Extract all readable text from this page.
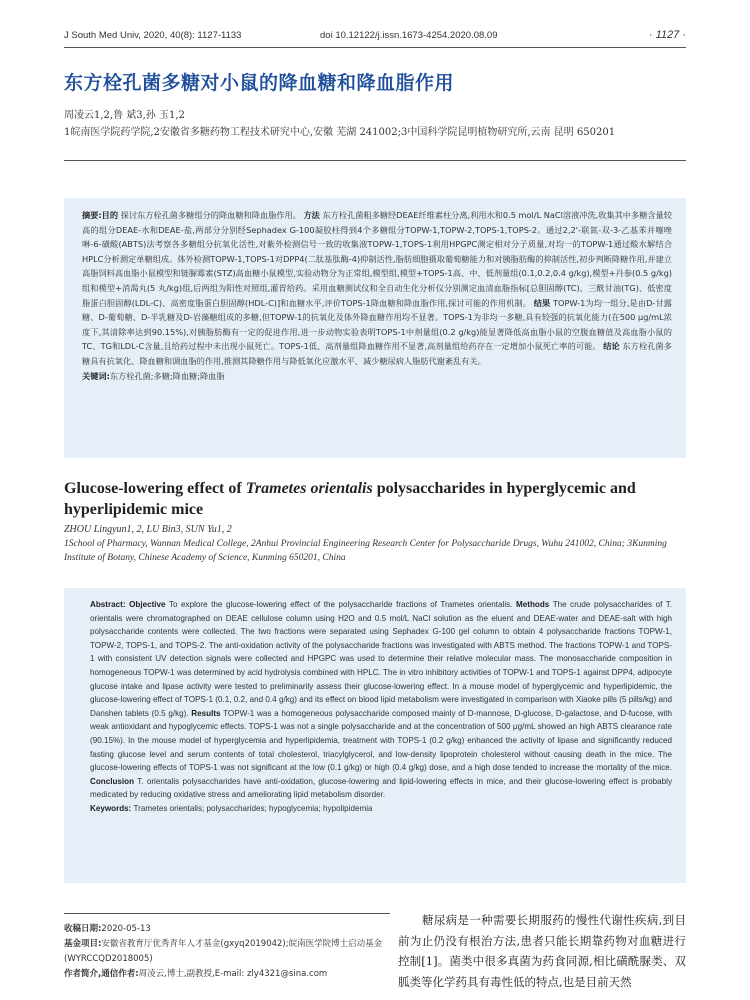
J South Med Univ, 2020, 40(8): 1127-1133	doi 10.12122/j.issn.1673-4254.2020.08.09	· 1127 ·
东方栓孔菌多糖对小鼠的降血糖和降血脂作用
周凌云1,2,鲁 斌3,孙 玉1,2
1皖南医学院药学院,2安徽省多糖药物工程技术研究中心,安徽 芜湖 241002;3中国科学院昆明植物研究所,云南 昆明 650201
摘要:目的 探讨东方栓孔菌多糖组分的降血糖和降血脂作用。 方法 东方栓孔菌粗多糖经DEAE纤维素柱分离,利用水和0.5 mol/L NaCl溶液冲洗,收集其中多糖含量较高的组分DEAE-水和DEAE-盐,两部分分别经Sephadex G-100凝胶柱得到4个多糖组分TOPW-1,TOPW-2,TOPS-1,TOPS-2。通过2,2'-联氮-双-3-乙基苯并噻唑啉-6-磺酸(ABTS)法考察各多糖组分抗氧化活性,对紫外检测信号一致的收集液TOPW-1,TOPS-1利用HPGPC测定相对分子质量,对均一的TOPW-1通过酸水解结合HPLC分析测定单糖组成。体外检测TOPW-1,TOPS-1对DPP4(二肽基肽酶-4)抑制活性,脂肪细胞摄取葡萄糖能力和对胰脂肪酶的抑制活性,初步判断降糖作用,并建立高脂饲料高血脂小鼠模型和链脲霉素(STZ)高血糖小鼠模型,实验动物分为正常组,模型组,模型+TOPS-1高、中、低剂量组(0.1,0.2,0.4 g/kg),模型+丹参(0.5 g/kg)组和模型+消渴丸(5 丸/kg)组,后两组为阳性对照组,灌胃给药。采用血糖测试仪和全自动生化分析仪分别测定血清血脂指标[总胆固醇(TC)、三酰甘油(TG)、低密度脂蛋白胆固醇(LDL-C)、高密度脂蛋白胆固醇(HDL-C)]和血糖水平,评价TOPS-1降血糖和降血脂作用,探讨可能的作用机制。 结果 TOPW-1为均一组分,是由D-甘露糖、D-葡萄糖、D-半乳糖及D-岩藻糖组成的多糖,但TOPW-1的抗氧化及体外降血糖作用均不显著。TOPS-1为非均一多糖,具有较强的抗氧化能力(在500 μg/mL浓度下,其清除率达到90.15%),对胰脂肪酶有一定的促进作用,进一步动物实验表明TOPS-1中剂量组(0.2 g/kg)能显著降低高血脂小鼠的空腹血糖值及高血脂小鼠的TC、TG和LDL-C含量,且给药过程中未出现小鼠死亡。TOPS-1低、高剂量组降血糖作用不显著,高剂量组给药存在一定增加小鼠死亡率的可能。 结论 东方栓孔菌多糖具有抗氧化、降血糖和调血脂的作用,推测其降糖作用与降低氧化应激水平、减少糖尿病人脂肪代谢紊乱有关。
关键词:东方栓孔菌;多糖;降血糖;降血脂
Glucose-lowering effect of Trametes orientalis polysaccharides in hyperglycemic and hyperlipidemic mice
ZHOU Lingyun1, 2, LU Bin3, SUN Yu1, 2
1School of Pharmacy, Wannan Medical College, 2Anhui Provincial Engineering Research Center for Polysaccharide Drugs, Wuhu 241002, China; 3Kunming Institute of Botany, Chinese Academy of Science, Kunming 650201, China
Abstract: Objective To explore the glucose-lowering effect of the polysaccharide fractions of Trametes orientalis. Methods The crude polysaccharides of T. orientalis were chromatographed on DEAE cellulose column using H2O and 0.5 mol/L NaCl solution as the eluent and DEAE-water and DEAE-salt with high polysaccharide contents were collected. The two fractions were separated using Sephadex G-100 gel column to obtain 4 polysaccharide fractions TOPW-1, TOPW-2, TOPS-1, and TOPS-2. The anti-oxidation activity of the polysaccharide fractions was investigated with ABTS method. The fractions TOPW-1 and TOPS-1 with consistent UV detection signals were collected and HPGPC was used to determine their relative molecular mass. The monosaccharide composition in homogeneous TOPW-1 was determined by acid hydrolysis combined with HPLC. The in vitro inhibitory activities of TOPW-1 and TOPS-1 against DPP4, adipocyte glucose intake and lipase activity were tested to preliminarily assess their glucose-lowering effect. In a mouse model of hyperglycemic and hyperlipidemic, the glucose-lowering effect of TOPS-1 (0.1, 0.2, and 0.4 g/kg) and its effect on blood lipid metabolism were investigated in comparison with Xiaoke pills (5 pills/kg) and Danshen tablets (0.5 g/kg). Results TOPW-1 was a homogeneous polysaccharide composed mainly of D-mannose, D-glucose, D-galactose, and D-fucose, with weak antioxidant and hypoglycemic effects. TOPS-1 was not a single polysaccharide and at the concentration of 500 μg/mL showed an high ABTS clearance rate (90.15%). In the mouse model of hyperglycemia and hyperlipidemia, treatment with TOPS-1 (0.2 g/kg) enhanced the activity of lipase and significantly reduced fasting glucose level and serum contents of total cholesterol, triacylglycerol, and low-density lipoprotein cholesterol without causing death in the mice. The glucose-lowering effects of TOPS-1 was not significant at the low (0.1 g/kg) or high (0.4 g/kg) dose, and a high dose tended to increase the mortality of the mice. Conclusion T. orientalis polysaccharides have anti-oxidation, glucose-lowering and lipid-lowering effects in mice, and their glucose-lowering effect is probably medicated by reducing oxidative stress and ameliorating lipid metabolism disorder.
Keywords: Trametes orientalis; polysaccharides; hypoglycemia; hypolipidemia
收稿日期:2020-05-13
基金项目:安徽省教育厅优秀青年人才基金(gxyq2019042);皖南医学院博士启动基金(WYRCCQD2018005)
作者简介,通信作者:周凌云,博士,副教授,E-mail: zly4321@sina.com
糖尿病是一种需要长期服药的慢性代谢性疾病,到目前为止仍没有根治方法,患者只能长期靠药物对血糖进行控制[1]。菌类中很多真菌为药食同源,相比磺酰脲类、双胍类等化学药具有毒性低的特点,也是目前天然
